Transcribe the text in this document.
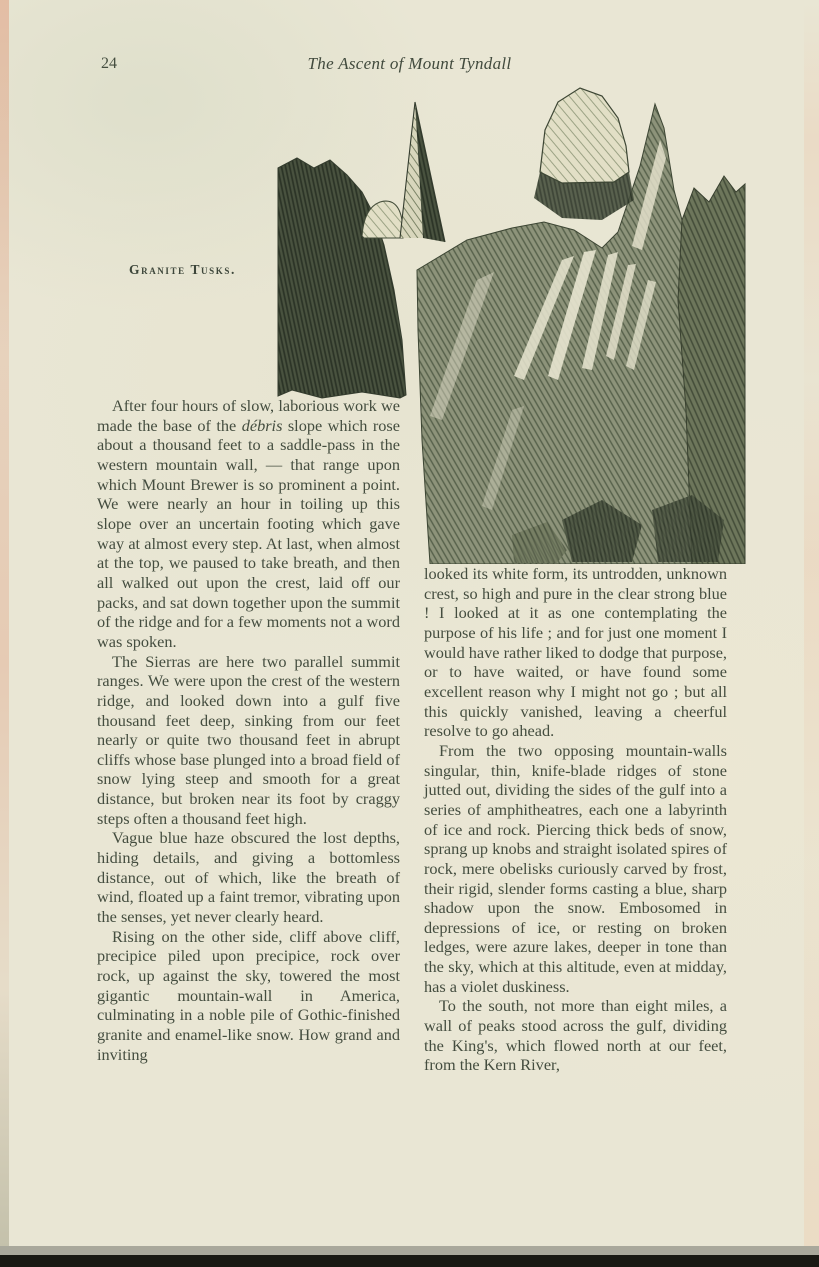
24	The Ascent of Mount Tyndall
Granite Tusks.

After four hours of slow, laborious work we made the base of the débris slope which rose about a thousand feet to a saddle-pass in the western mountain wall, — that range upon which Mount Brewer is so prominent a point. We were nearly an hour in toiling up this slope over an uncertain footing which gave way at almost every step. At last, when almost at the top, we paused to take breath, and then all walked out upon the crest, laid off our packs, and sat down together upon the summit of the ridge and for a few moments not a word was spoken.

The Sierras are here two parallel summit ranges. We were upon the crest of the western ridge, and looked down into a gulf five thousand feet deep, sinking from our feet nearly or quite two thousand feet in abrupt cliffs whose base plunged into a broad field of snow lying steep and smooth for a great distance, but broken near its foot by craggy steps often a thousand feet high.

Vague blue haze obscured the lost depths, hiding details, and giving a bottomless distance, out of which, like the breath of wind, floated up a faint tremor, vibrating upon the senses, yet never clearly heard.

Rising on the other side, cliff above cliff, precipice piled upon precipice, rock over rock, up against the sky, towered the most gigantic mountain-wall in America, culminating in a noble pile of Gothic-finished granite and enamel-like snow. How grand and inviting

looked its white form, its untrodden, unknown crest, so high and pure in the clear strong blue ! I looked at it as one contemplating the purpose of his life ; and for just one moment I would have rather liked to dodge that purpose, or to have waited, or have found some excellent reason why I might not go ; but all this quickly vanished, leaving a cheerful resolve to go ahead.

From the two opposing mountain-walls singular, thin, knife-blade ridges of stone jutted out, dividing the sides of the gulf into a series of amphitheatres, each one a labyrinth of ice and rock. Piercing thick beds of snow, sprang up knobs and straight isolated spires of rock, mere obelisks curiously carved by frost, their rigid, slender forms casting a blue, sharp shadow upon the snow. Embosomed in depressions of ice, or resting on broken ledges, were azure lakes, deeper in tone than the sky, which at this altitude, even at midday, has a violet duskiness.

To the south, not more than eight miles, a wall of peaks stood across the gulf, dividing the King's, which flowed north at our feet, from the Kern River,
